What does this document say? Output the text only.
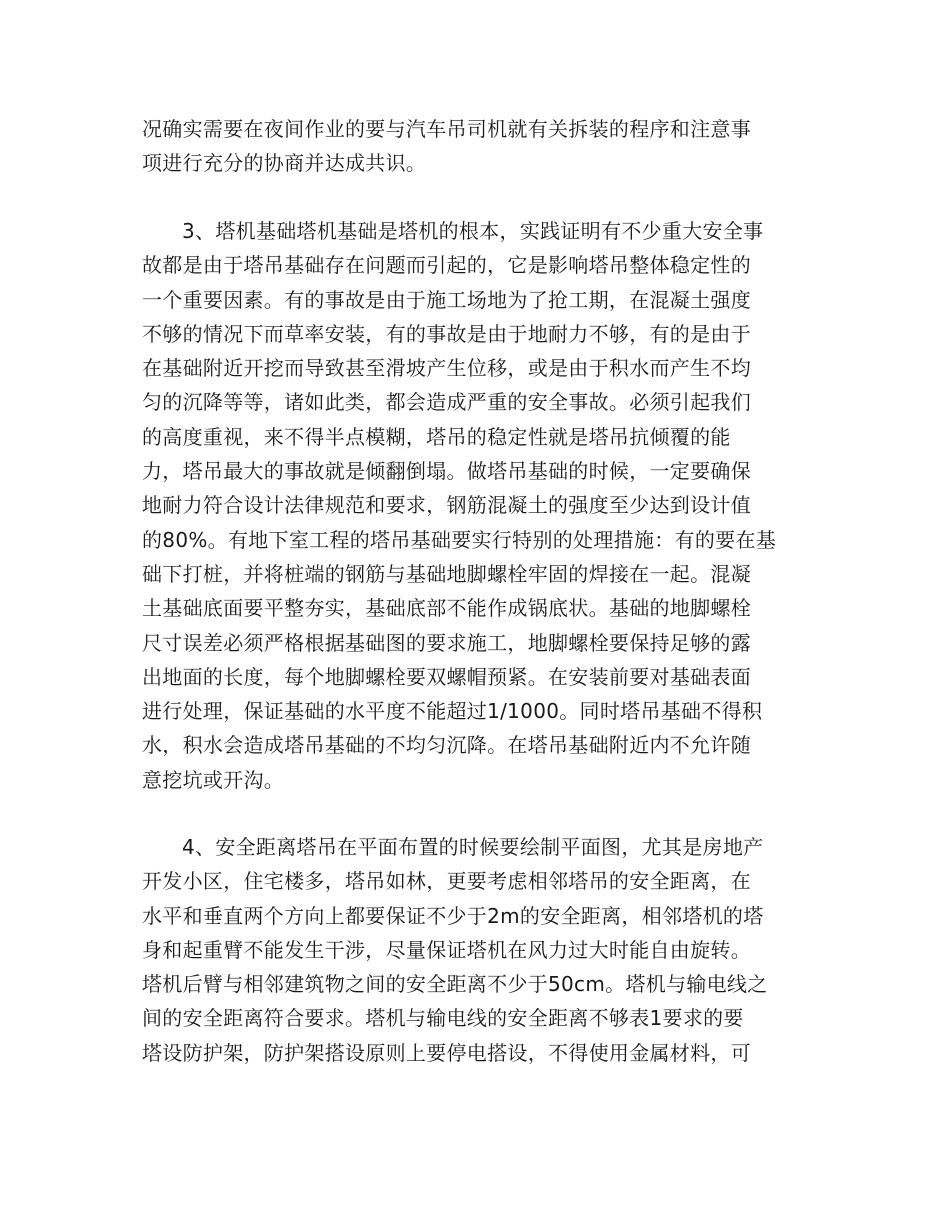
况确实需要在夜间作业的要与汽车吊司机就有关拆装的程序和注意事
项进行充分的协商并达成共识。
3、塔机基础塔机基础是塔机的根本，实践证明有不少重大安全事
故都是由于塔吊基础存在问题而引起的，它是影响塔吊整体稳定性的
一个重要因素。有的事故是由于施工场地为了抢工期，在混凝土强度
不够的情况下而草率安装，有的事故是由于地耐力不够，有的是由于
在基础附近开挖而导致甚至滑坡产生位移，或是由于积水而产生不均
匀的沉降等等，诸如此类，都会造成严重的安全事故。必须引起我们
的高度重视，来不得半点模糊，塔吊的稳定性就是塔吊抗倾覆的能
力，塔吊最大的事故就是倾翻倒塌。做塔吊基础的时候，一定要确保
地耐力符合设计法律规范和要求，钢筋混凝土的强度至少达到设计值
的80%。有地下室工程的塔吊基础要实行特别的处理措施：有的要在基
础下打桩，并将桩端的钢筋与基础地脚螺栓牢固的焊接在一起。混凝
土基础底面要平整夯实，基础底部不能作成锅底状。基础的地脚螺栓
尺寸误差必须严格根据基础图的要求施工，地脚螺栓要保持足够的露
出地面的长度，每个地脚螺栓要双螺帽预紧。在安装前要对基础表面
进行处理，保证基础的水平度不能超过1/1000。同时塔吊基础不得积
水，积水会造成塔吊基础的不均匀沉降。在塔吊基础附近内不允许随
意挖坑或开沟。
4、安全距离塔吊在平面布置的时候要绘制平面图，尤其是房地产
开发小区，住宅楼多，塔吊如林，更要考虑相邻塔吊的安全距离，在
水平和垂直两个方向上都要保证不少于2m的安全距离，相邻塔机的塔
身和起重臂不能发生干涉，尽量保证塔机在风力过大时能自由旋转。
塔机后臂与相邻建筑物之间的安全距离不少于50cm。塔机与输电线之
间的安全距离符合要求。塔机与输电线的安全距离不够表1要求的要
塔设防护架，防护架搭设原则上要停电搭设，不得使用金属材料，可
